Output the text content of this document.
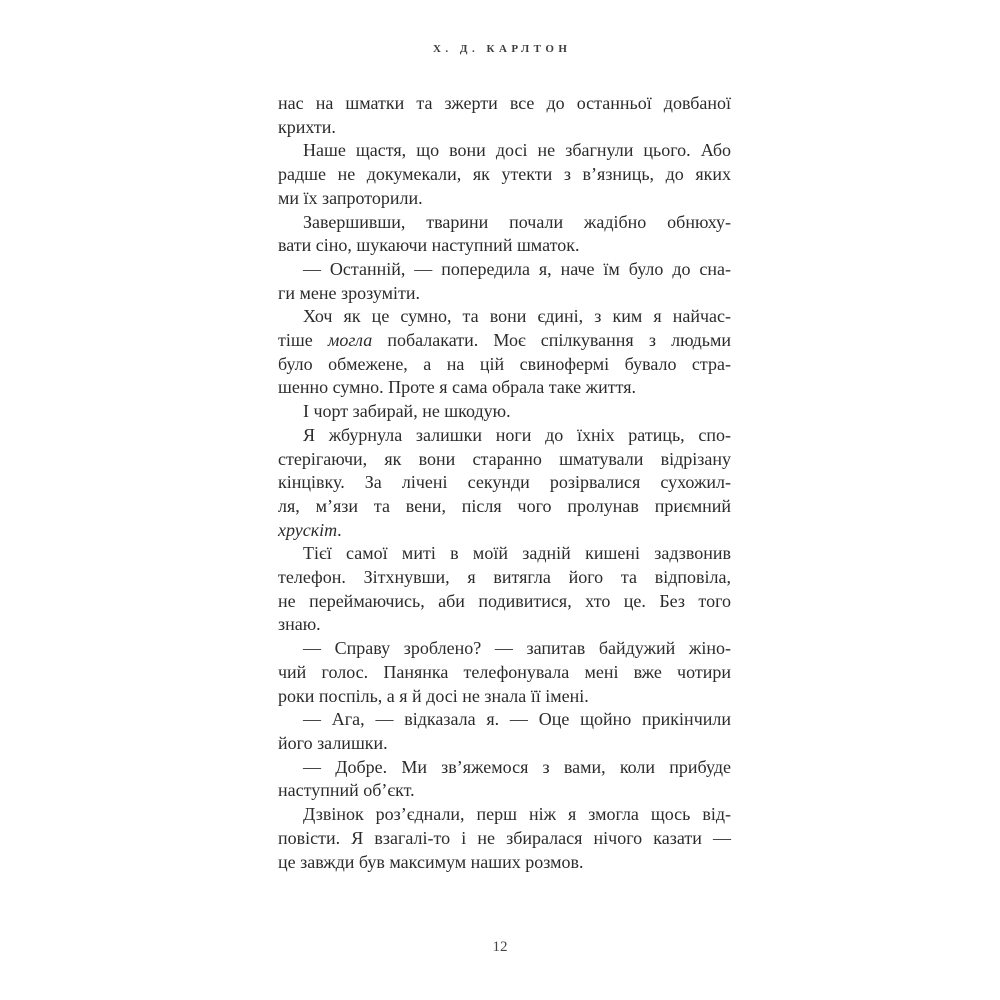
Х. Д. КАРЛТОН
нас на шматки та зжерти все до останньої довбаної
крихти.
Наше щастя, що вони досі не збагнули цього. Або
радше не докумекали, як утекти з в’язниць, до яких
ми їх запроторили.
Завершивши, тварини почали жадібно обнюху-
вати сіно, шукаючи наступний шматок.
— Останній, — попередила я, наче їм було до сна-
ги мене зрозуміти.
Хоч як це сумно, та вони єдині, з ким я найчас-
тіше могла побалакати. Моє спілкування з людьми
було обмежене, а на цій свинофермі бувало стра-
шенно сумно. Проте я сама обрала таке життя.
І чорт забирай, не шкодую.
Я жбурнула залишки ноги до їхніх ратиць, спо-
стерігаючи, як вони старанно шматували відрізану
кінцівку. За лічені секунди розірвалися сухожил-
ля, м’язи та вени, після чого пролунав приємний
хрускіт.
Тієї самої миті в моїй задній кишені задзвонив
телефон. Зітхнувши, я витягла його та відповіла,
не переймаючись, аби подивитися, хто це. Без того
знаю.
— Справу зроблено? — запитав байдужий жіно-
чий голос. Панянка телефонувала мені вже чотири
роки поспіль, а я й досі не знала її імені.
— Ага, — відказала я. — Оце щойно прикінчили
його залишки.
— Добре. Ми зв’яжемося з вами, коли прибуде
наступний об’єкт.
Дзвінок роз’єднали, перш ніж я змогла щось від-
повісти. Я взагалі-то і не збиралася нічого казати —
це завжди був максимум наших розмов.
12
